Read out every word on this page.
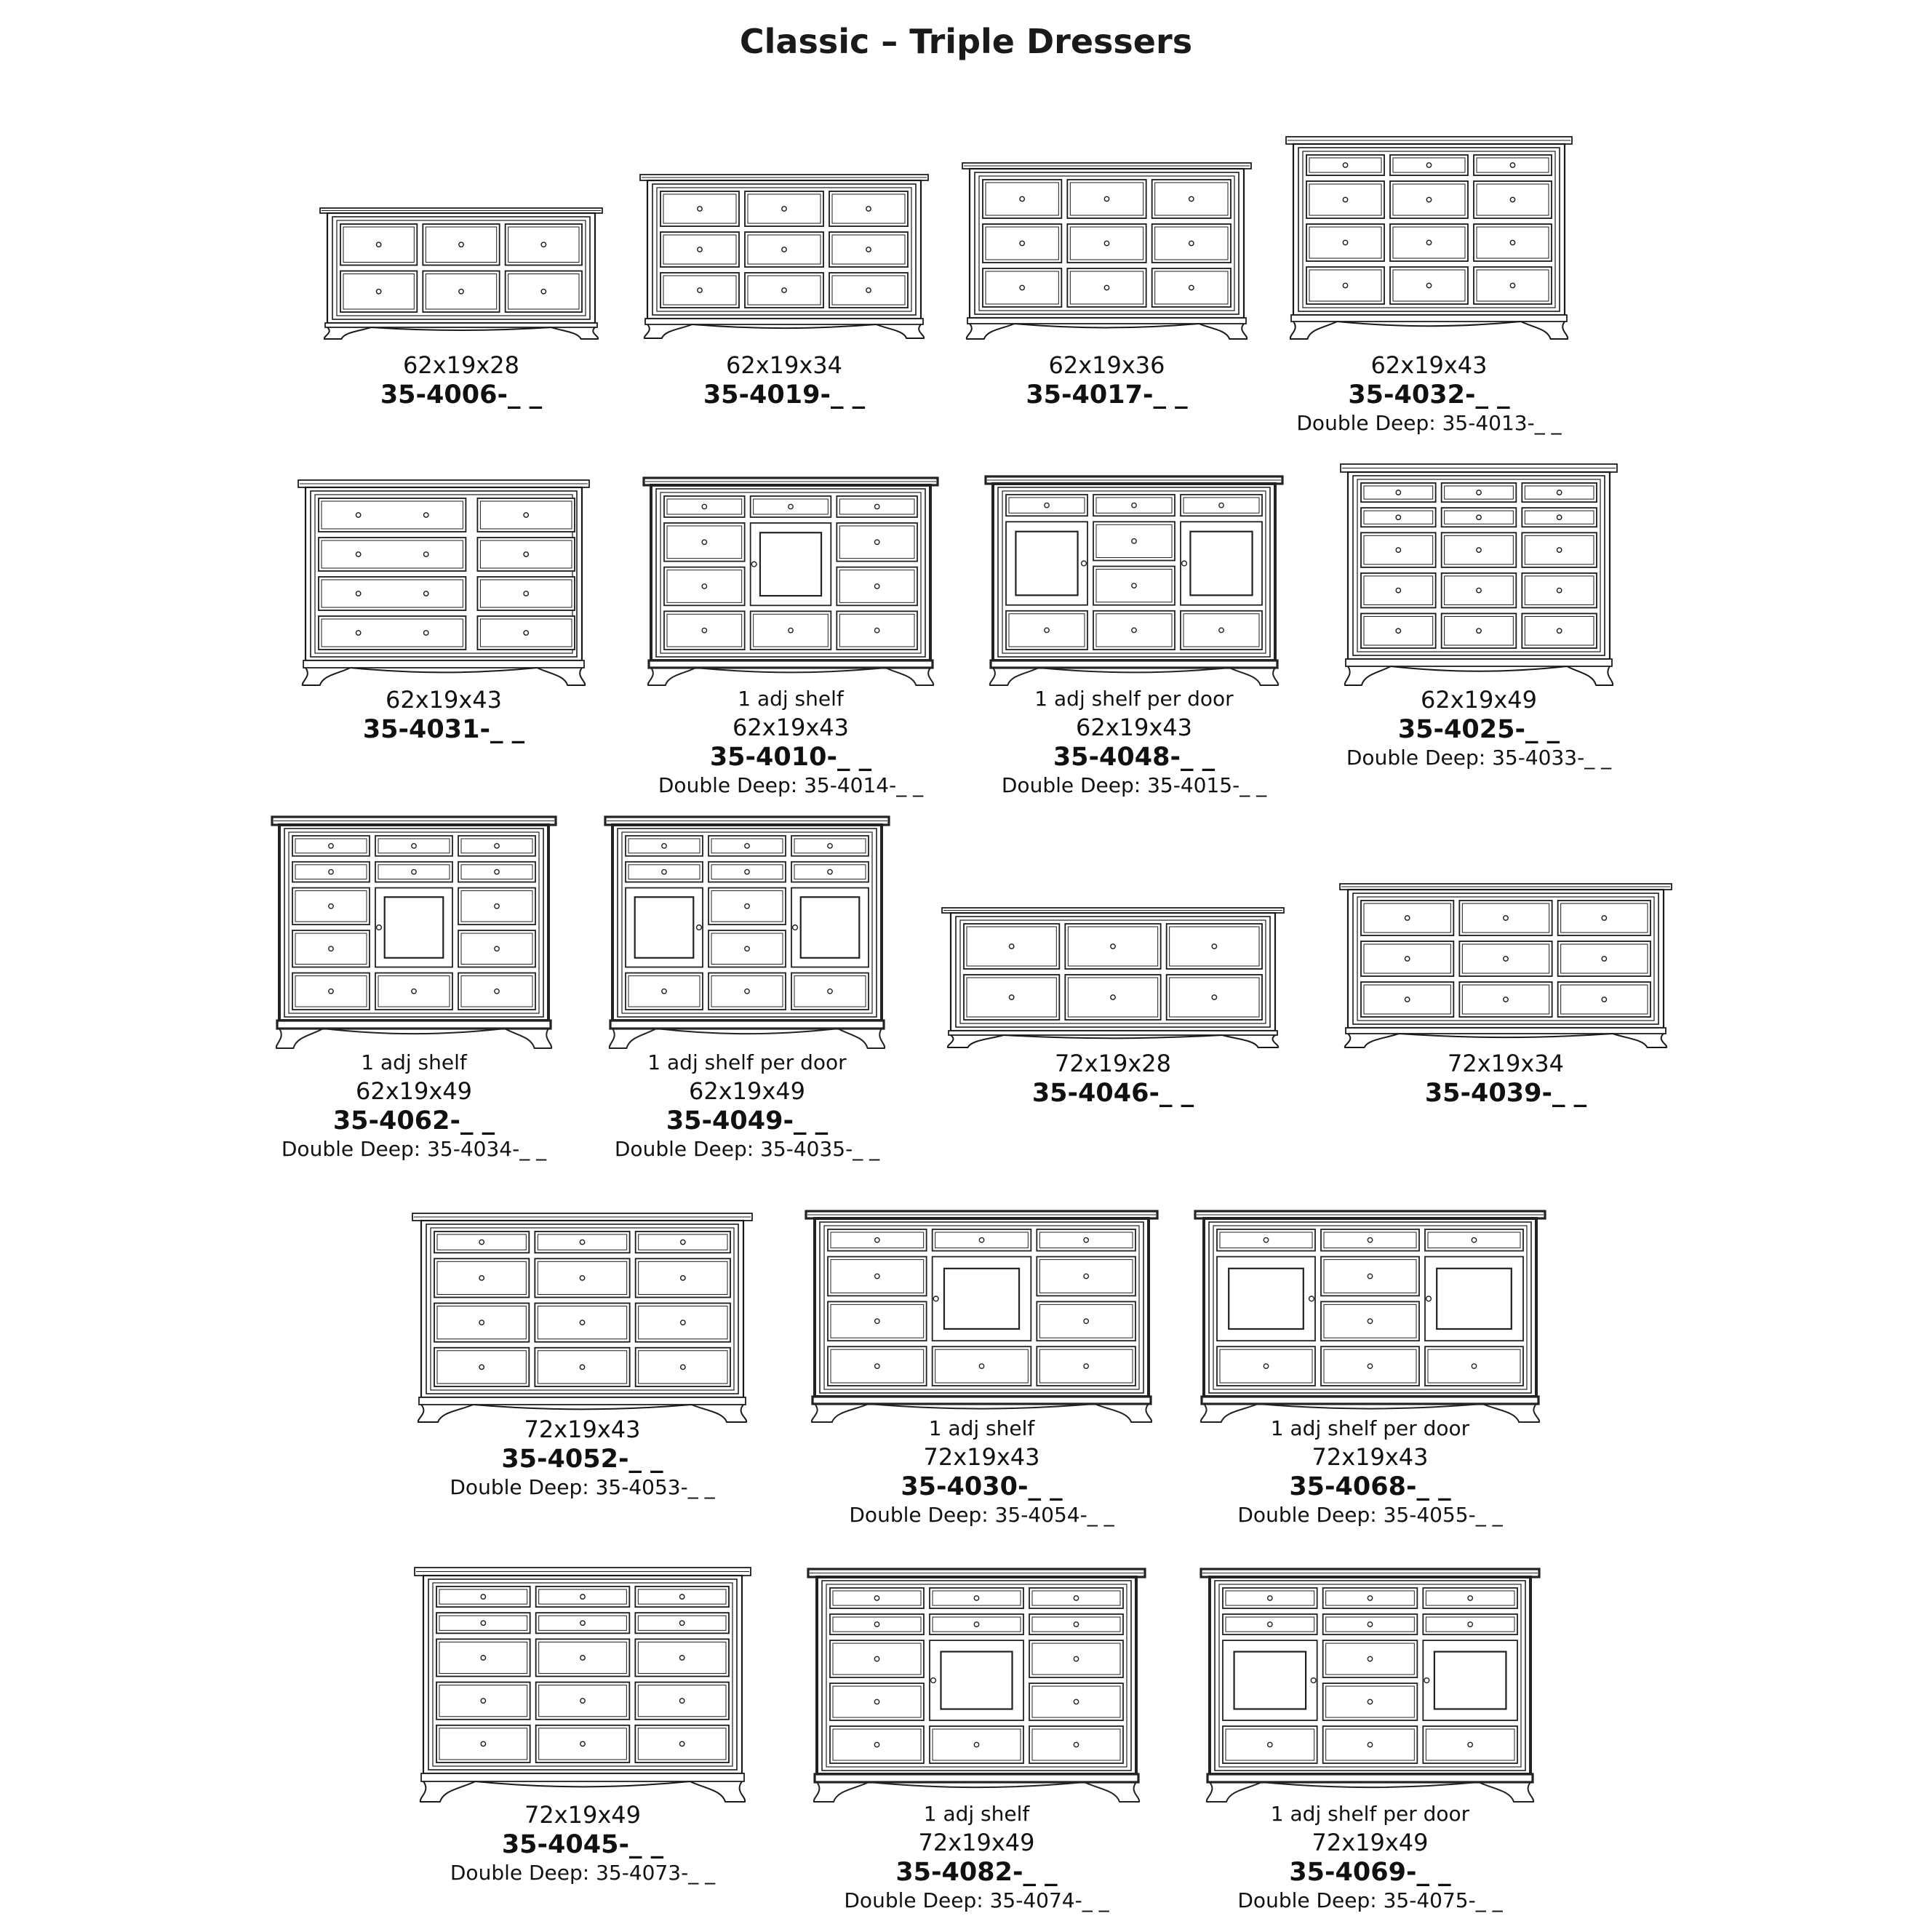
Classic – Triple Dressers
62x19x28
35-4006-_ _
62x19x34
35-4019-_ _
62x19x36
35-4017-_ _
62x19x43
35-4032-_ _
Double Deep: 35-4013-_ _
62x19x43
35-4031-_ _
1 adj shelf
62x19x43
35-4010-_ _
Double Deep: 35-4014-_ _
1 adj shelf per door
62x19x43
35-4048-_ _
Double Deep: 35-4015-_ _
62x19x49
35-4025-_ _
Double Deep: 35-4033-_ _
1 adj shelf
62x19x49
35-4062-_ _
Double Deep: 35-4034-_ _
1 adj shelf per door
62x19x49
35-4049-_ _
Double Deep: 35-4035-_ _
72x19x28
35-4046-_ _
72x19x34
35-4039-_ _
72x19x43
35-4052-_ _
Double Deep: 35-4053-_ _
1 adj shelf
72x19x43
35-4030-_ _
Double Deep: 35-4054-_ _
1 adj shelf per door
72x19x43
35-4068-_ _
Double Deep: 35-4055-_ _
72x19x49
35-4045-_ _
Double Deep: 35-4073-_ _
1 adj shelf
72x19x49
35-4082-_ _
Double Deep: 35-4074-_ _
1 adj shelf per door
72x19x49
35-4069-_ _
Double Deep: 35-4075-_ _
